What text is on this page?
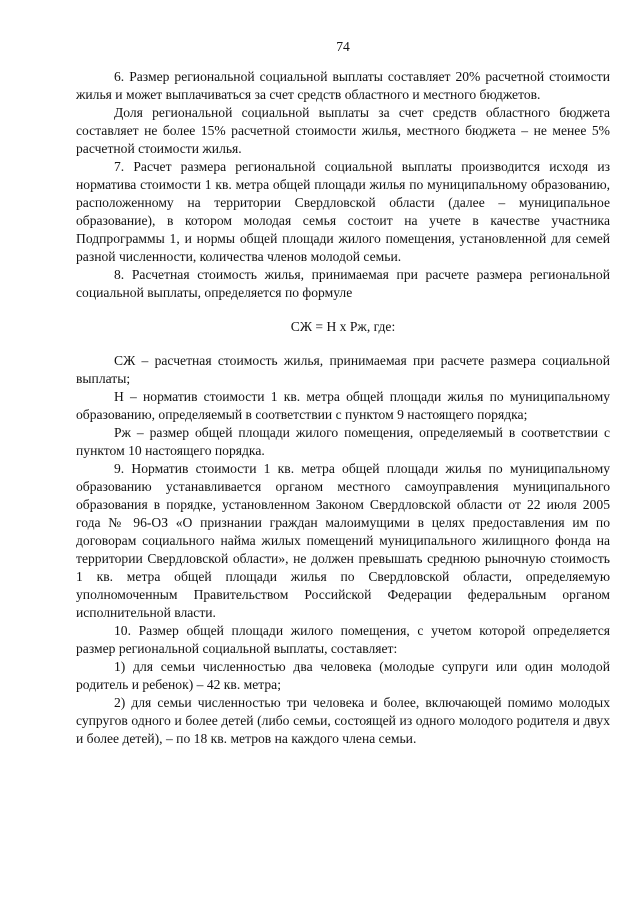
74

6. Размер региональной социальной выплаты составляет 20% расчетной стоимости жилья и может выплачиваться за счет средств областного и местного бюджетов.

Доля региональной социальной выплаты за счет средств областного бюджета составляет не более 15% расчетной стоимости жилья, местного бюджета – не менее 5% расчетной стоимости жилья.

7. Расчет размера региональной социальной выплаты производится исходя из норматива стоимости 1 кв. метра общей площади жилья по муниципальному образованию, расположенному на территории Свердловской области (далее – муниципальное образование), в котором молодая семья состоит на учете в качестве участника Подпрограммы 1, и нормы общей площади жилого помещения, установленной для семей разной численности, количества членов молодой семьи.

8. Расчетная стоимость жилья, принимаемая при расчете размера региональной социальной выплаты, определяется по формуле

СЖ = Н х Рж, где:

СЖ – расчетная стоимость жилья, принимаемая при расчете размера социальной выплаты;

Н – норматив стоимости 1 кв. метра общей площади жилья по муниципальному образованию, определяемый в соответствии с пунктом 9 настоящего порядка;

Рж – размер общей площади жилого помещения, определяемый в соответствии с пунктом 10 настоящего порядка.

9. Норматив стоимости 1 кв. метра общей площади жилья по муниципальному образованию устанавливается органом местного самоуправления муниципального образования в порядке, установленном Законом Свердловской области от 22 июля 2005 года № 96-ОЗ «О признании граждан малоимущими в целях предоставления им по договорам социального найма жилых помещений муниципального жилищного фонда на территории Свердловской области», не должен превышать среднюю рыночную стоимость 1 кв. метра общей площади жилья по Свердловской области, определяемую уполномоченным Правительством Российской Федерации федеральным органом исполнительной власти.

10. Размер общей площади жилого помещения, с учетом которой определяется размер региональной социальной выплаты, составляет:

1) для семьи численностью два человека (молодые супруги или один молодой родитель и ребенок) – 42 кв. метра;

2) для семьи численностью три человека и более, включающей помимо молодых супругов одного и более детей (либо семьи, состоящей из одного молодого родителя и двух и более детей), – по 18 кв. метров на каждого члена семьи.
